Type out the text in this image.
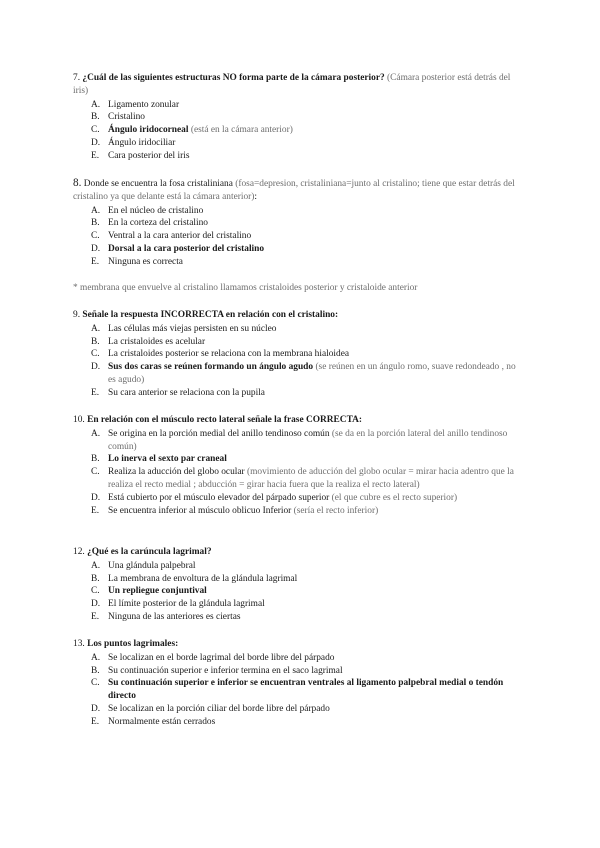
7. ¿Cuál de las siguientes estructuras NO forma parte de la cámara posterior? (Cámara posterior está detrás del iris)
A. Ligamento zonular
B. Cristalino
C. Ángulo iridocorneal (está en la cámara anterior)
D. Ángulo iridociliar
E. Cara posterior del iris
8. Donde se encuentra la fosa cristaliniana (fosa=depresion, cristaliniana=junto al cristalino; tiene que estar detrás del cristalino ya que delante está la cámara anterior):
A. En el núcleo de cristalino
B. En la corteza del cristalino
C. Ventral a la cara anterior del cristalino
D. Dorsal a la cara posterior del cristalino
E. Ninguna es correcta
* membrana que envuelve al cristalino llamamos cristaloides posterior y cristaloide anterior
9. Señale la respuesta INCORRECTA en relación con el cristalino:
A. Las células más viejas persisten en su núcleo
B. La cristaloides es acelular
C. La cristaloides posterior se relaciona con la membrana hialoidea
D. Sus dos caras se reúnen formando un ángulo agudo (se reúnen en un ángulo romo, suave redondeado , no es agudo)
E. Su cara anterior se relaciona con la pupila
10. En relación con el músculo recto lateral señale la frase CORRECTA:
A. Se origina en la porción medial del anillo tendinoso común (se da en la porción lateral del anillo tendinoso común)
B. Lo inerva el sexto par craneal
C. Realiza la aducción del globo ocular (movimiento de aducción del globo ocular = mirar hacia adentro que la realiza el recto medial ; abducción = girar hacia fuera que la realiza el recto lateral)
D. Está cubierto por el músculo elevador del párpado superior (el que cubre es el recto superior)
E. Se encuentra inferior al músculo oblicuo Inferior (sería el recto inferior)
12. ¿Qué es la carúncula lagrimal?
A. Una glándula palpebral
B. La membrana de envoltura de la glándula lagrimal
C. Un repliegue conjuntival
D. El límite posterior de la glándula lagrimal
E. Ninguna de las anteriores es ciertas
13. Los puntos lagrimales:
A. Se localizan en el borde lagrimal del borde libre del párpado
B. Su continuación superior e inferior termina en el saco lagrimal
C. Su continuación superior e inferior se encuentran ventrales al ligamento palpebral medial o tendón directo
D. Se localizan en la porción ciliar del borde libre del párpado
E. Normalmente están cerrados
